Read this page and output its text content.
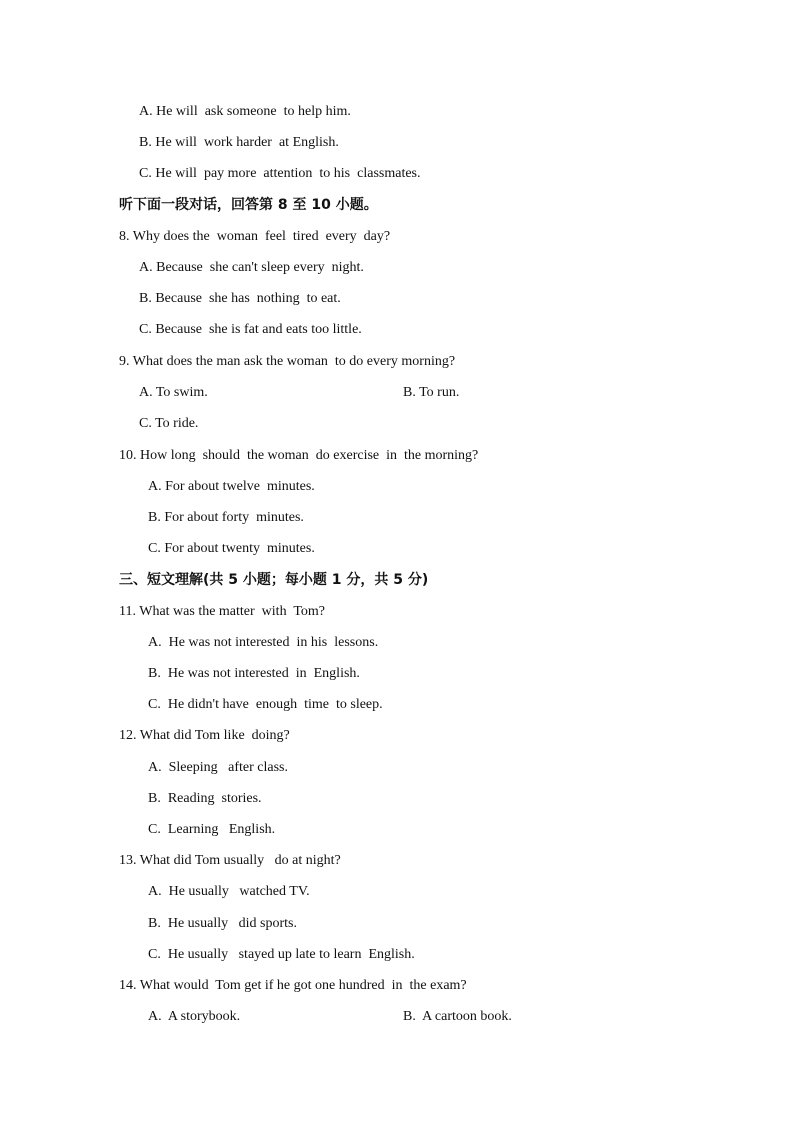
A. He will  ask someone  to help him.
B. He will  work harder  at English.
C. He will  pay more  attention  to his  classmates.
听下面一段对话，回答第 8 至 10 小题。
8. Why does the  woman  feel  tired  every  day?
A. Because  she can't sleep every  night.
B. Because  she has  nothing  to eat.
C. Because  she is fat and eats too little.
9. What does the man ask the woman  to do every morning?
A. To swim.	B. To run.
C. To ride.
10. How long  should  the woman  do exercise  in  the morning?
A. For about twelve  minutes.
B. For about forty  minutes.
C. For about twenty  minutes.
三、短文理解(共 5 小题；每小题 1 分，共 5 分)
11. What was the matter  with  Tom?
A.  He was not interested  in his  lessons.
B.  He was not interested  in  English.
C.  He didn't have  enough  time  to sleep.
12. What did Tom like  doing?
A.  Sleeping   after class.
B.  Reading  stories.
C.  Learning   English.
13. What did Tom usually   do at night?
A.  He usually   watched TV.
B.  He usually   did sports.
C.  He usually   stayed up late to learn  English.
14. What would  Tom get if he got one hundred  in  the exam?
A.  A storybook.	B.  A cartoon book.
